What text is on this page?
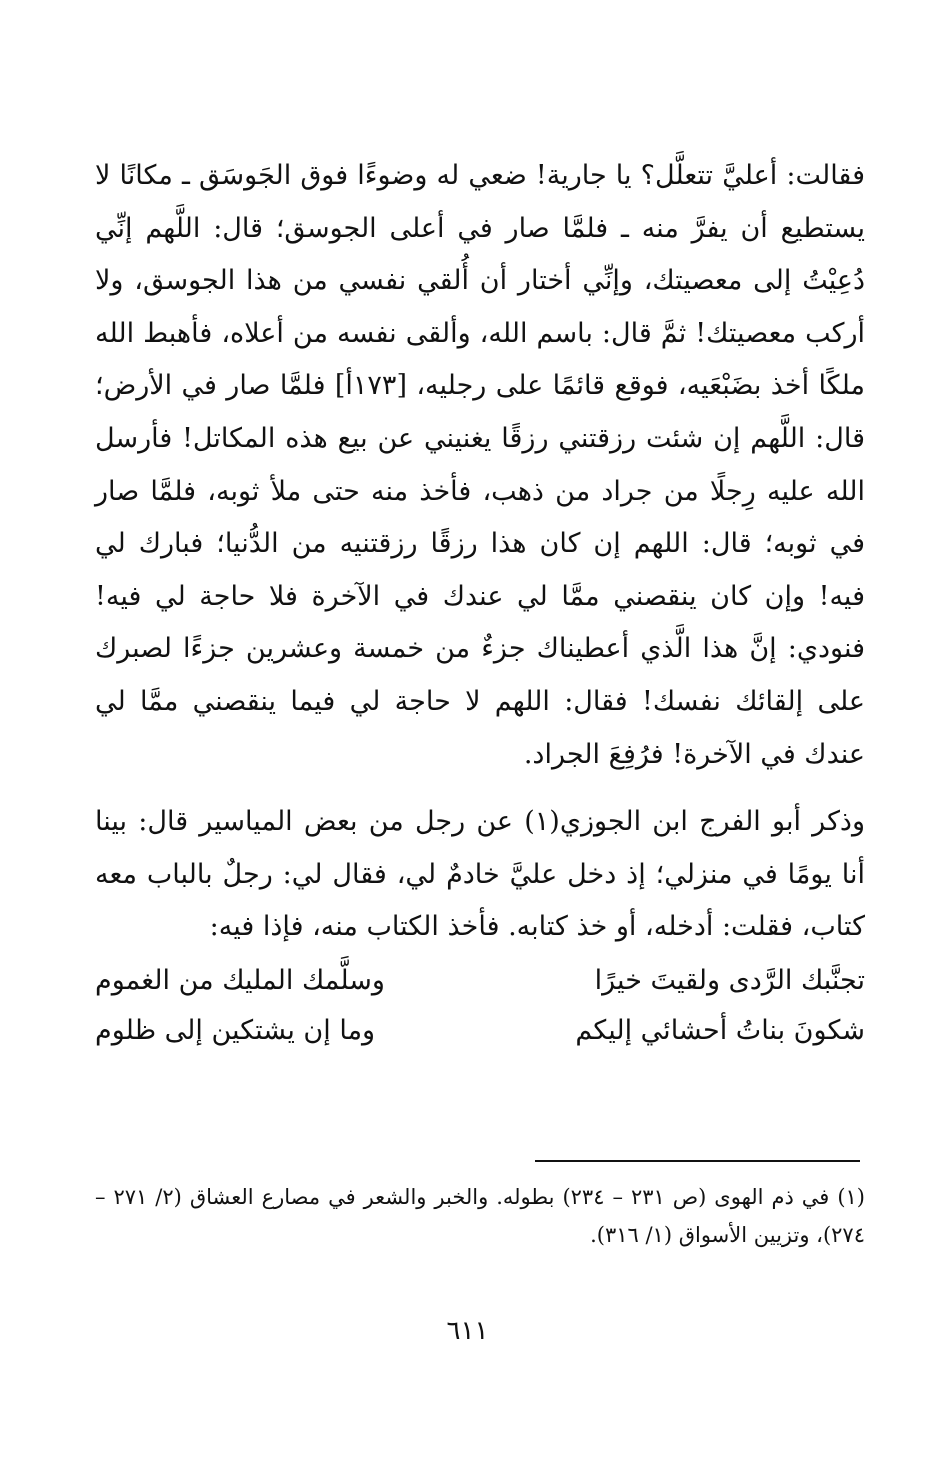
فقالت: أعليَّ تتعلَّل؟ يا جارية! ضعي له وضوءًا فوق الجَوسَق ـ مكانًا لا يستطيع أن يفرَّ منه ـ فلمَّا صار في أعلى الجوسق؛ قال: اللَّهم إنِّي دُعِيْتُ إلى معصيتك، وإنِّي أختار أن أُلقي نفسي من هذا الجوسق، ولا أركب معصيتك! ثمَّ قال: باسم الله، وألقى نفسه من أعلاه، فأهبط الله ملكًا أخذ بضَبْعَيه، فوقع قائمًا على رجليه، [١٧٣أ] فلمَّا صار في الأرض؛ قال: اللَّهم إن شئت رزقتني رزقًا يغنيني عن بيع هذه المكاتل! فأرسل الله عليه رِجلًا من جراد من ذهب، فأخذ منه حتى ملأ ثوبه، فلمَّا صار في ثوبه؛ قال: اللهم إن كان هذا رزقًا رزقتنيه من الدُّنيا؛ فبارك لي فيه! وإن كان ينقصني ممَّا لي عندك في الآخرة فلا حاجة لي فيه! فنودي: إنَّ هذا الَّذي أعطيناك جزءٌ من خمسة وعشرين جزءًا لصبرك على إلقائك نفسك! فقال: اللهم لا حاجة لي فيما ينقصني ممَّا لي عندك في الآخرة! فرُفِعَ الجراد.

وذكر أبو الفرج ابن الجوزي(١) عن رجل من بعض المياسير قال: بينا أنا يومًا في منزلي؛ إذ دخل عليَّ خادمٌ لي، فقال لي: رجلٌ بالباب معه كتاب، فقلت: أدخله، أو خذ كتابه. فأخذ الكتاب منه، فإذا فيه:

تجنَّبك الرَّدى ولقيتَ خيرًا
وسلَّمك المليك من الغموم
شكونَ بناتُ أحشائي إليكم
وما إن يشتكين إلى ظلوم

(١) في ذم الهوى (ص ٢٣١ – ٢٣٤) بطوله. والخبر والشعر في مصارع العشاق (٢/ ٢٧١ – ٢٧٤)، وتزيين الأسواق (١/ ٣١٦).

٦١١
